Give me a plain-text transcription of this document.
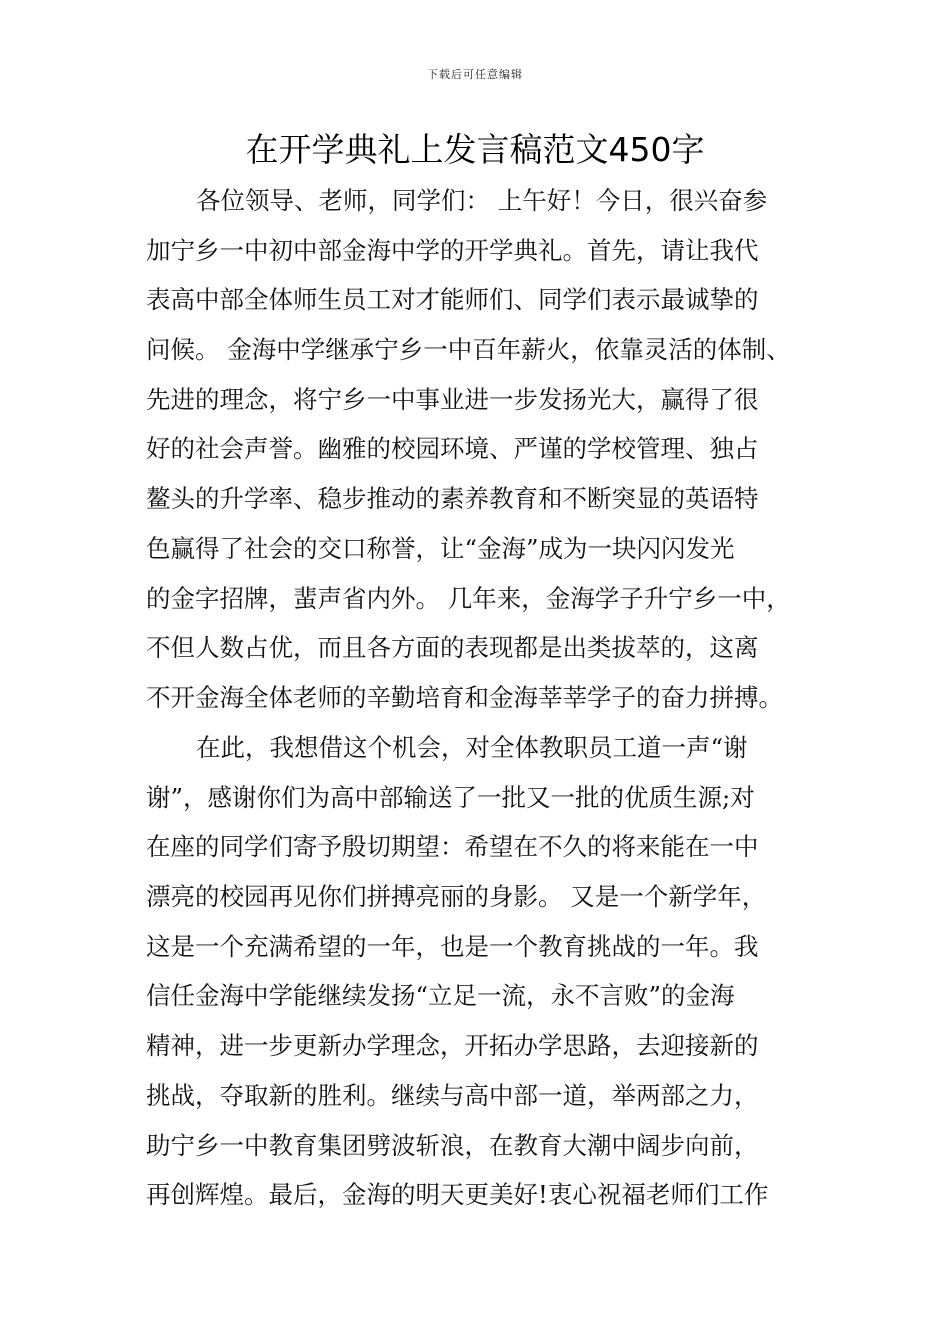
下载后可任意编辑
在开学典礼上发言稿范文450字
各位领导、老师，同学们： 上午好！今日，很兴奋参
加宁乡一中初中部金海中学的开学典礼。首先，请让我代
表高中部全体师生员工对才能师们、同学们表示最诚挚的
问候。 金海中学继承宁乡一中百年薪火，依靠灵活的体制、
先进的理念，将宁乡一中事业进一步发扬光大，赢得了很
好的社会声誉。幽雅的校园环境、严谨的学校管理、独占
鳌头的升学率、稳步推动的素养教育和不断突显的英语特
色赢得了社会的交口称誉，让“金海”成为一块闪闪发光
的金字招牌，蜚声省内外。 几年来，金海学子升宁乡一中，
不但人数占优，而且各方面的表现都是出类拔萃的，这离
不开金海全体老师的辛勤培育和金海莘莘学子的奋力拼搏。
在此，我想借这个机会，对全体教职员工道一声“谢
谢”，感谢你们为高中部输送了一批又一批的优质生源;对
在座的同学们寄予殷切期望：希望在不久的将来能在一中
漂亮的校园再见你们拼搏亮丽的身影。 又是一个新学年，
这是一个充满希望的一年，也是一个教育挑战的一年。我
信任金海中学能继续发扬“立足一流，永不言败”的金海
精神，进一步更新办学理念，开拓办学思路，去迎接新的
挑战，夺取新的胜利。继续与高中部一道，举两部之力，
助宁乡一中教育集团劈波斩浪，在教育大潮中阔步向前，
再创辉煌。最后，金海的明天更美好!衷心祝福老师们工作
